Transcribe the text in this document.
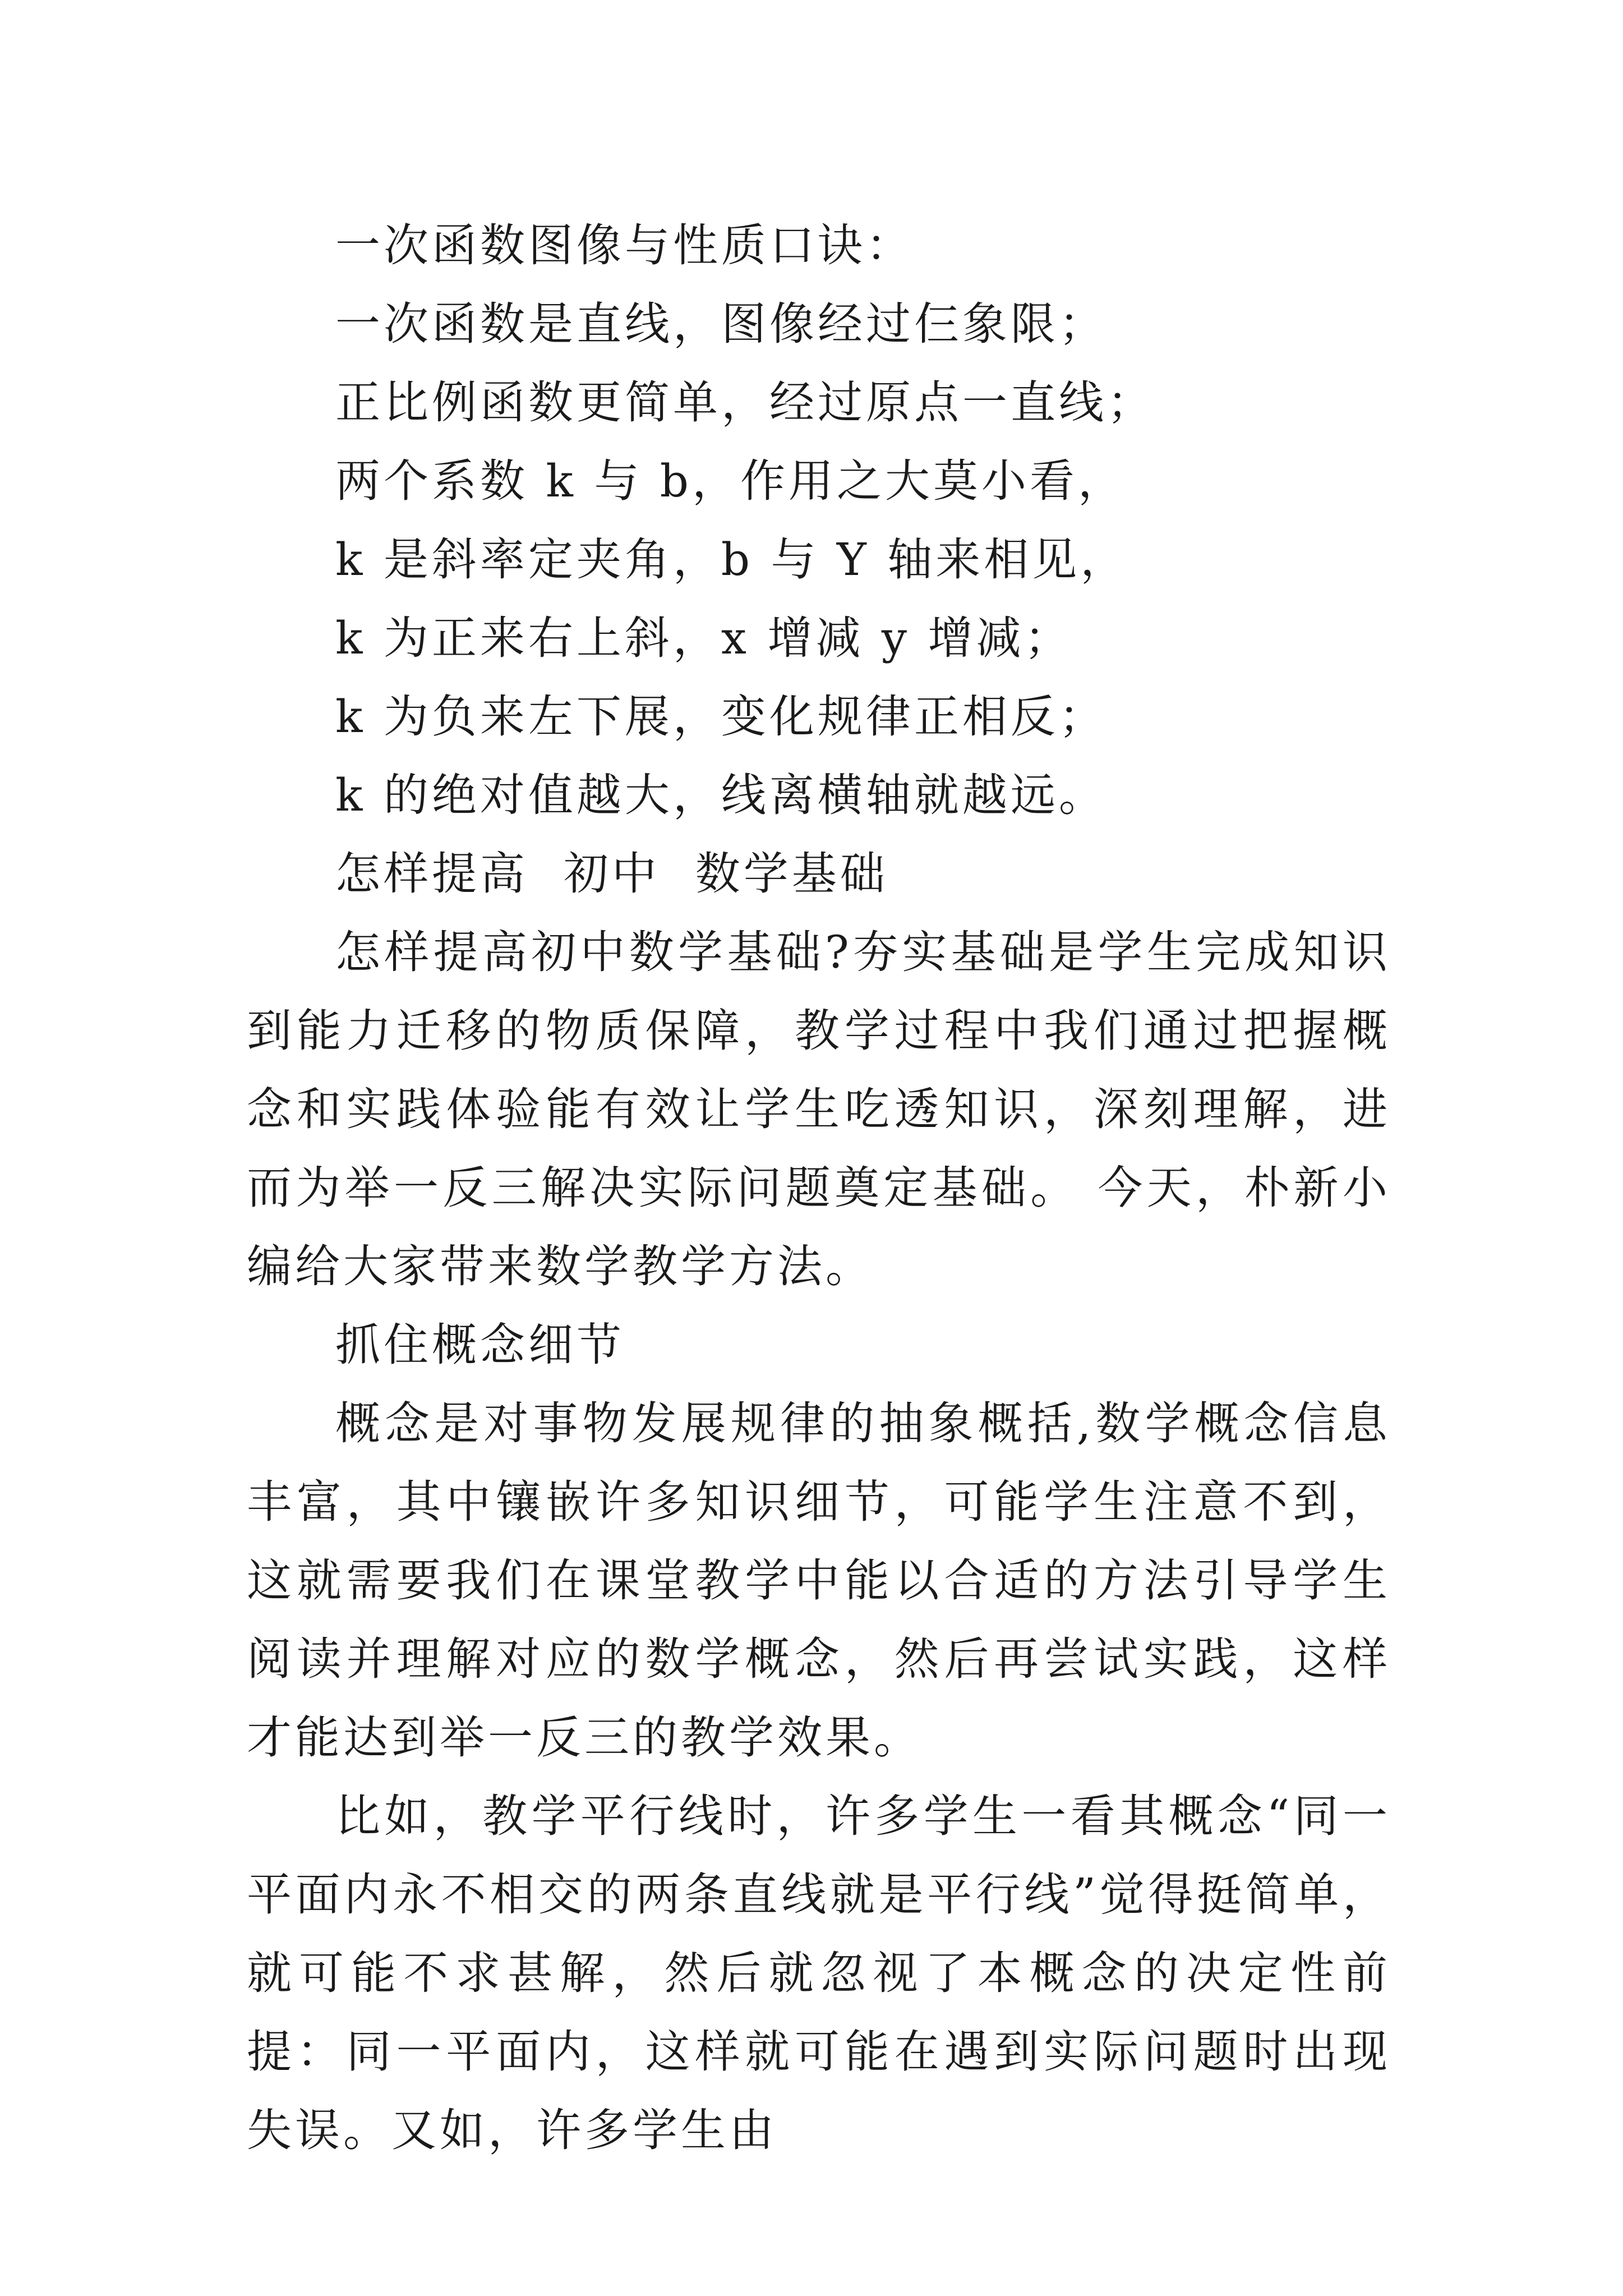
一次函数图像与性质口诀：
一次函数是直线，图像经过仨象限；
正比例函数更简单，经过原点一直线；
两个系数 k 与 b，作用之大莫小看，
k 是斜率定夹角，b 与 Y 轴来相见，
k 为正来右上斜，x 增减 y 增减；
k 为负来左下展，变化规律正相反；
k 的绝对值越大，线离横轴就越远。
怎样提高  初中  数学基础

怎样提高初中数学基础?夯实基础是学生完成知识到能力迁移的物质保障，教学过程中我们通过把握概念和实践体验能有效让学生吃透知识，深刻理解，进而为举一反三解决实际问题奠定基础。 今天，朴新小编给大家带来数学教学方法。

抓住概念细节

概念是对事物发展规律的抽象概括,数学概念信息丰富，其中镶嵌许多知识细节，可能学生注意不到，这就需要我们在课堂教学中能以合适的方法引导学生阅读并理解对应的数学概念，然后再尝试实践，这样才能达到举一反三的教学效果。

比如，教学平行线时，许多学生一看其概念“同一平面内永不相交的两条直线就是平行线”觉得挺简单，就可能不求甚解，然后就忽视了本概念的决定性前提：同一平面内，这样就可能在遇到实际问题时出现失误。又如，许多学生由
